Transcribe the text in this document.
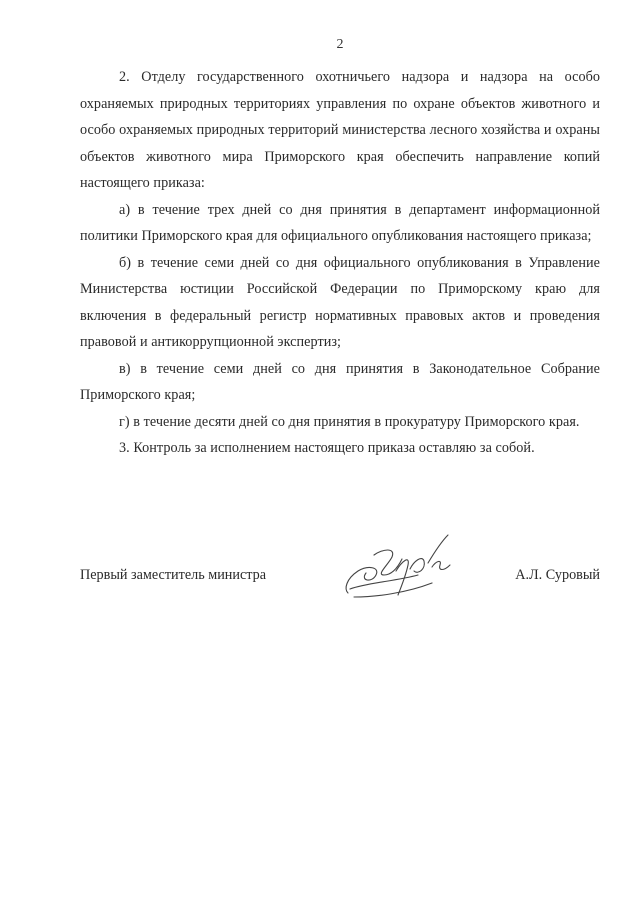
2

2. Отделу государственного охотничьего надзора и надзора на особо охраняемых природных территориях управления по охране объектов животного и особо охраняемых природных территорий министерства лесного хозяйства и охраны объектов животного мира Приморского края обеспечить направление копий настоящего приказа:

а) в течение трех дней со дня принятия в департамент информационной политики Приморского края для официального опубликования настоящего приказа;

б) в течение семи дней со дня официального опубликования в Управление Министерства юстиции Российской Федерации по Приморскому краю для включения в федеральный регистр нормативных правовых актов и проведения правовой и антикоррупционной экспертиз;

в) в течение семи дней со дня принятия в Законодательное Собрание Приморского края;

г) в течение десяти дней со дня принятия в прокуратуру Приморского края.

3. Контроль за исполнением настоящего приказа оставляю за собой.

Первый заместитель министра	А.Л. Суровый
